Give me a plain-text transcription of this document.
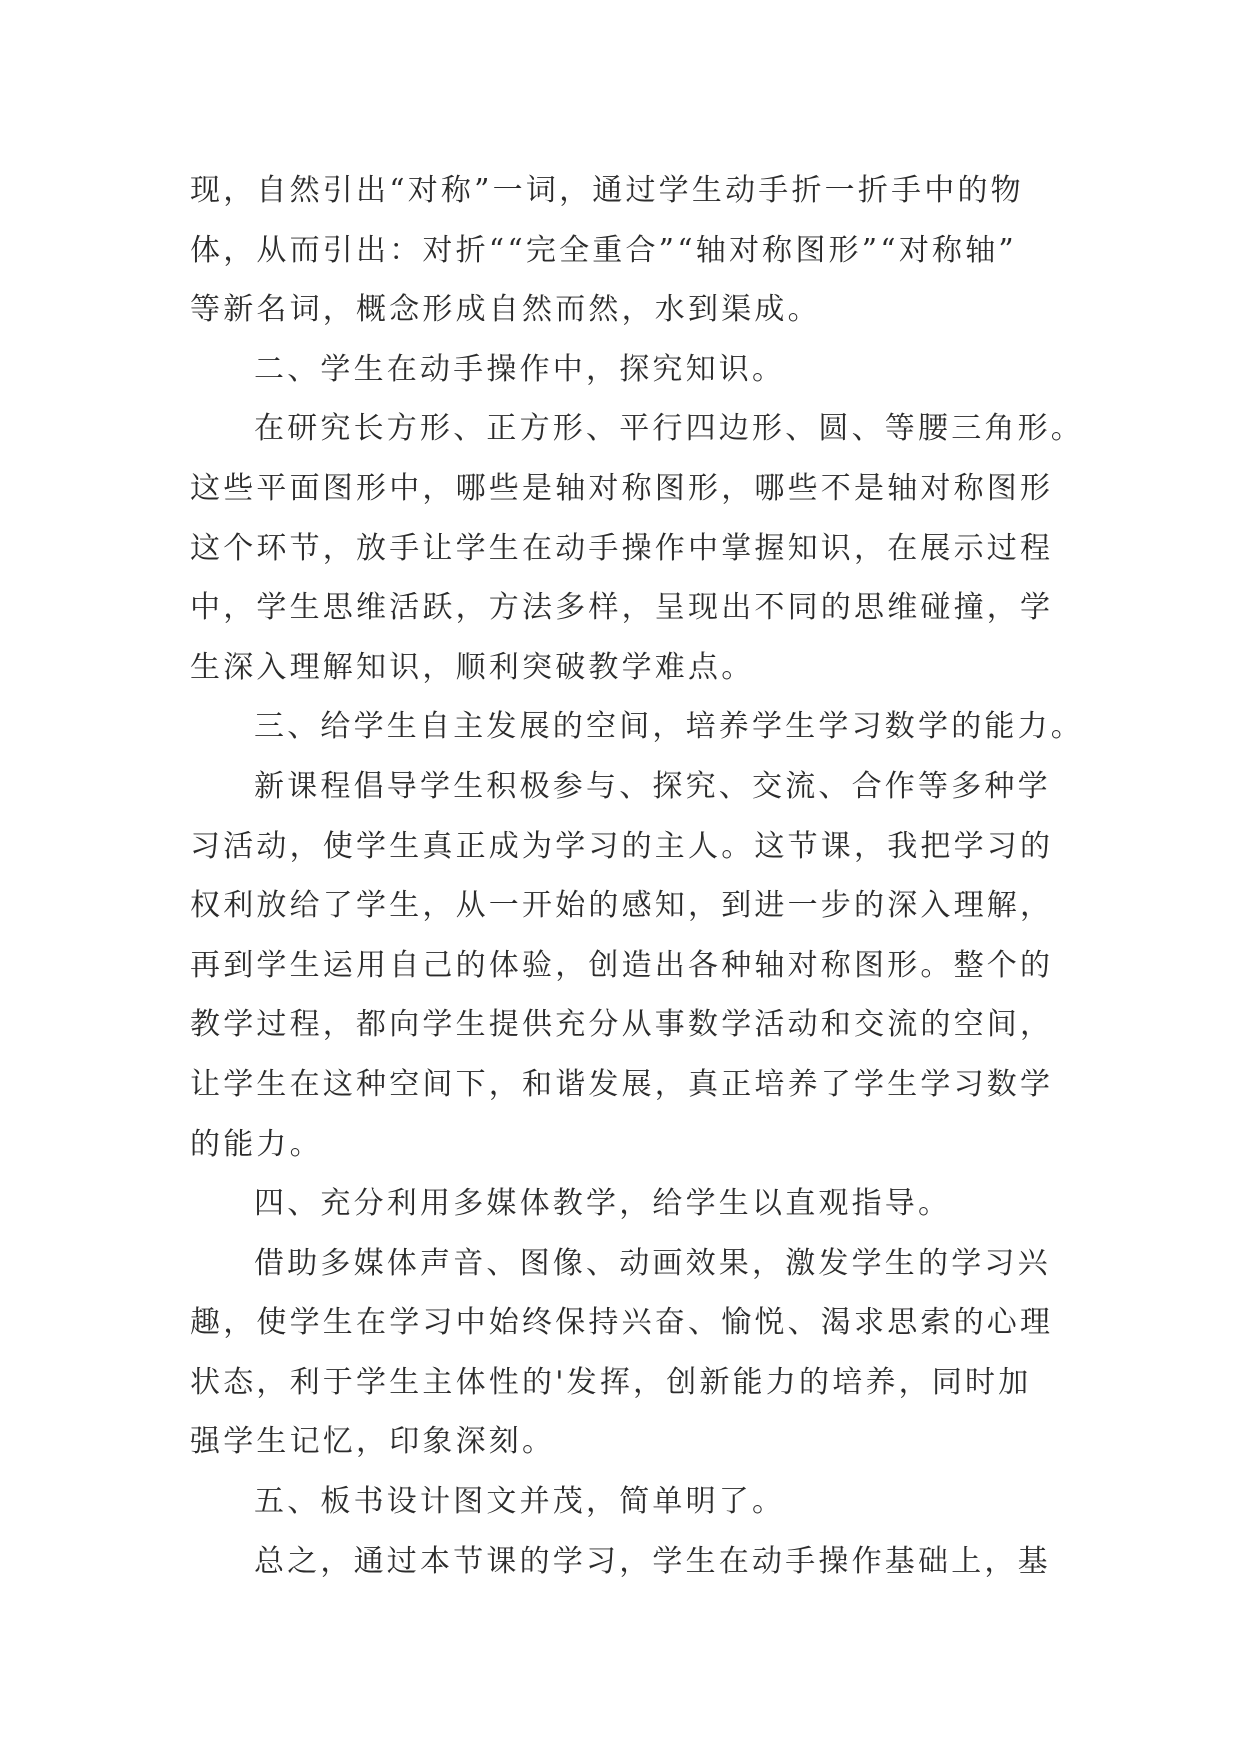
现，自然引出“对称”一词，通过学生动手折一折手中的物
体，从而引出：对折““完全重合”“轴对称图形”“对称轴”
等新名词，概念形成自然而然，水到渠成。
二、学生在动手操作中，探究知识。
在研究长方形、正方形、平行四边形、圆、等腰三角形。
这些平面图形中，哪些是轴对称图形，哪些不是轴对称图形
这个环节，放手让学生在动手操作中掌握知识，在展示过程
中，学生思维活跃，方法多样，呈现出不同的思维碰撞，学
生深入理解知识，顺利突破教学难点。
三、给学生自主发展的空间，培养学生学习数学的能力。
新课程倡导学生积极参与、探究、交流、合作等多种学
习活动，使学生真正成为学习的主人。这节课，我把学习的
权利放给了学生，从一开始的感知，到进一步的深入理解，
再到学生运用自己的体验，创造出各种轴对称图形。整个的
教学过程，都向学生提供充分从事数学活动和交流的空间，
让学生在这种空间下，和谐发展，真正培养了学生学习数学
的能力。
四、充分利用多媒体教学，给学生以直观指导。
借助多媒体声音、图像、动画效果，激发学生的学习兴
趣，使学生在学习中始终保持兴奋、愉悦、渴求思索的心理
状态，利于学生主体性的'发挥，创新能力的培养，同时加
强学生记忆，印象深刻。
五、板书设计图文并茂，简单明了。
总之，通过本节课的学习，学生在动手操作基础上，基
